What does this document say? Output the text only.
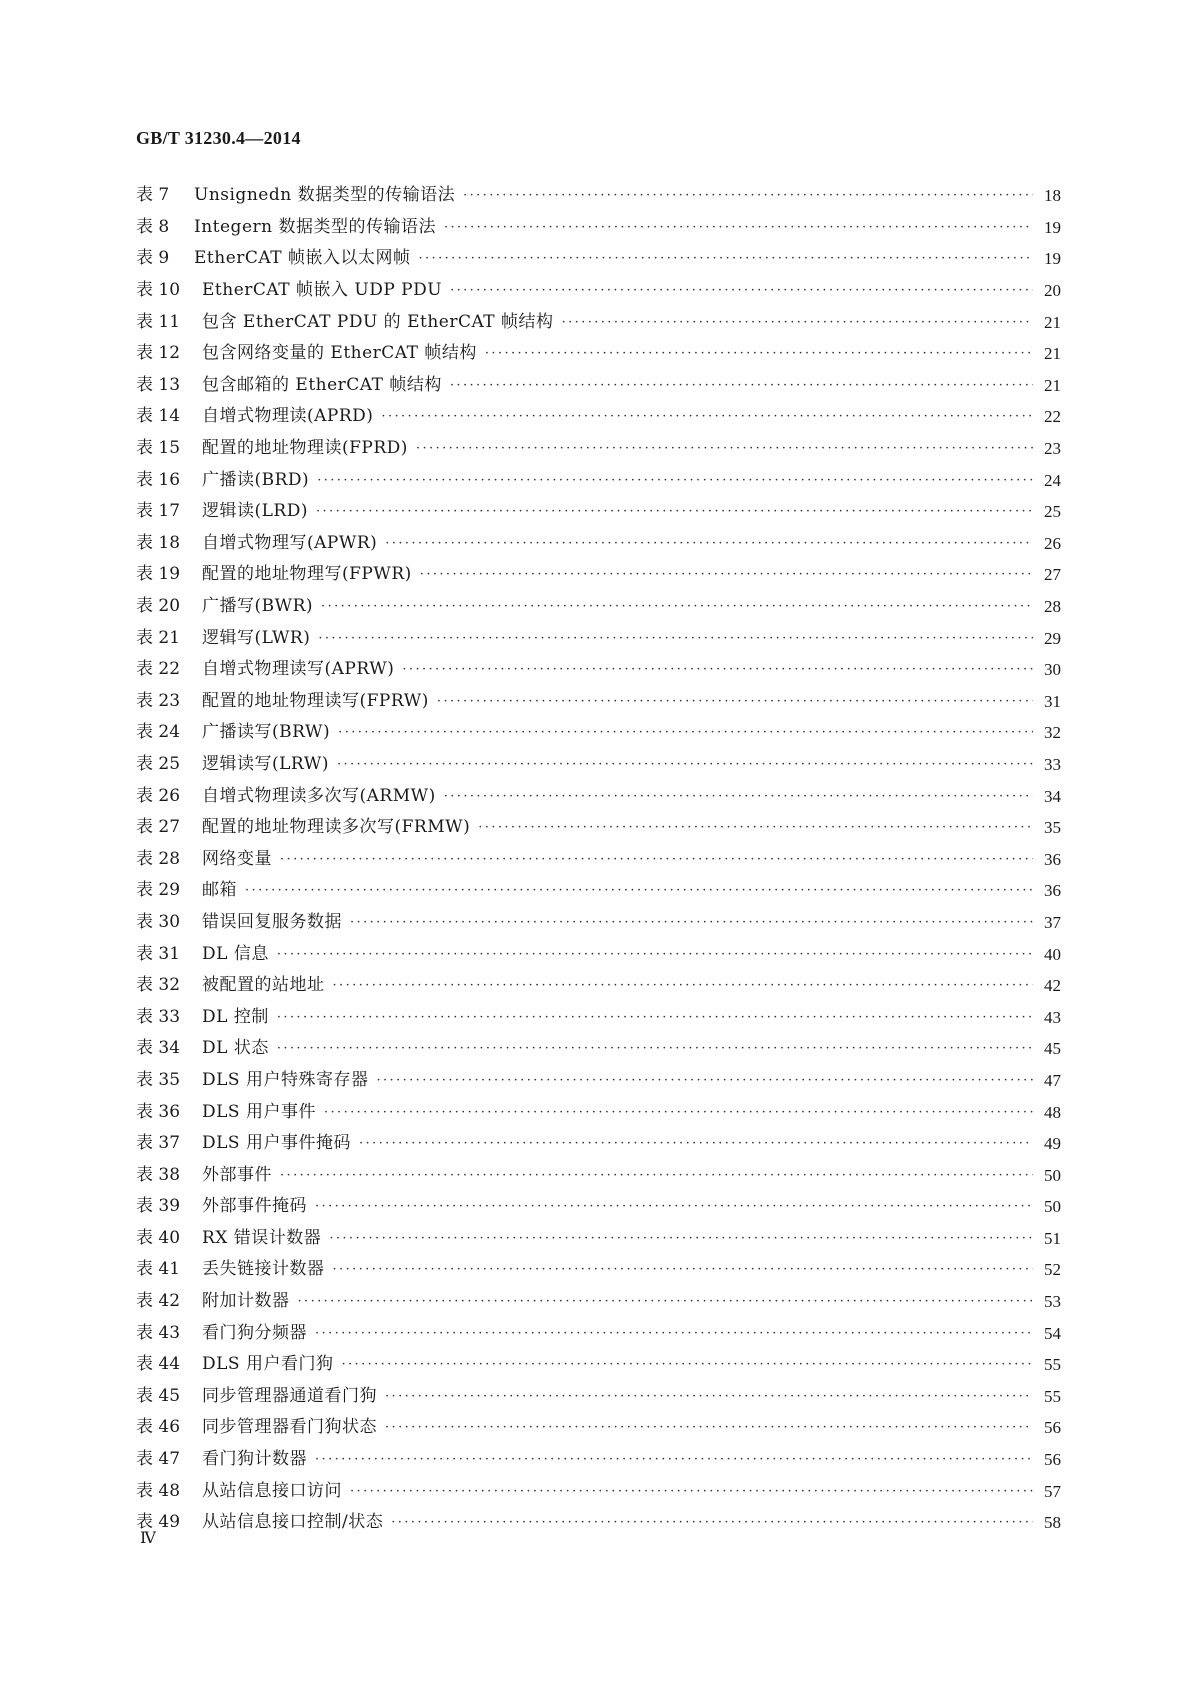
GB/T 31230.4—2014
表 7	Unsignedn 数据类型的传输语法 ·····	18
表 8	Integern 数据类型的传输语法 ·····	19
表 9	EtherCAT 帧嵌入以太网帧 ·····	19
表 10	EtherCAT 帧嵌入 UDP PDU ·····	20
表 11	包含 EtherCAT PDU 的 EtherCAT 帧结构 ·····	21
表 12	包含网络变量的 EtherCAT 帧结构 ·····	21
表 13	包含邮箱的 EtherCAT 帧结构 ·····	21
表 14	自增式物理读(APRD) ·····	22
表 15	配置的地址物理读(FPRD) ·····	23
表 16	广播读(BRD) ·····	24
表 17	逻辑读(LRD) ·····	25
表 18	自增式物理写(APWR) ·····	26
表 19	配置的地址物理写(FPWR) ·····	27
表 20	广播写(BWR) ·····	28
表 21	逻辑写(LWR) ·····	29
表 22	自增式物理读写(APRW) ·····	30
表 23	配置的地址物理读写(FPRW) ·····	31
表 24	广播读写(BRW) ·····	32
表 25	逻辑读写(LRW) ·····	33
表 26	自增式物理读多次写(ARMW) ·····	34
表 27	配置的地址物理读多次写(FRMW) ·····	35
表 28	网络变量 ·····	36
表 29	邮箱 ·····	36
表 30	错误回复服务数据 ·····	37
表 31	DL 信息 ·····	40
表 32	被配置的站地址 ·····	42
表 33	DL 控制 ·····	43
表 34	DL 状态 ·····	45
表 35	DLS 用户特殊寄存器 ·····	47
表 36	DLS 用户事件 ·····	48
表 37	DLS 用户事件掩码 ·····	49
表 38	外部事件 ·····	50
表 39	外部事件掩码 ·····	50
表 40	RX 错误计数器 ·····	51
表 41	丢失链接计数器 ·····	52
表 42	附加计数器 ·····	53
表 43	看门狗分频器 ·····	54
表 44	DLS 用户看门狗 ·····	55
表 45	同步管理器通道看门狗 ·····	55
表 46	同步管理器看门狗状态 ·····	56
表 47	看门狗计数器 ·····	56
表 48	从站信息接口访问 ·····	57
表 49	从站信息接口控制/状态 ·····	58
Ⅳ
